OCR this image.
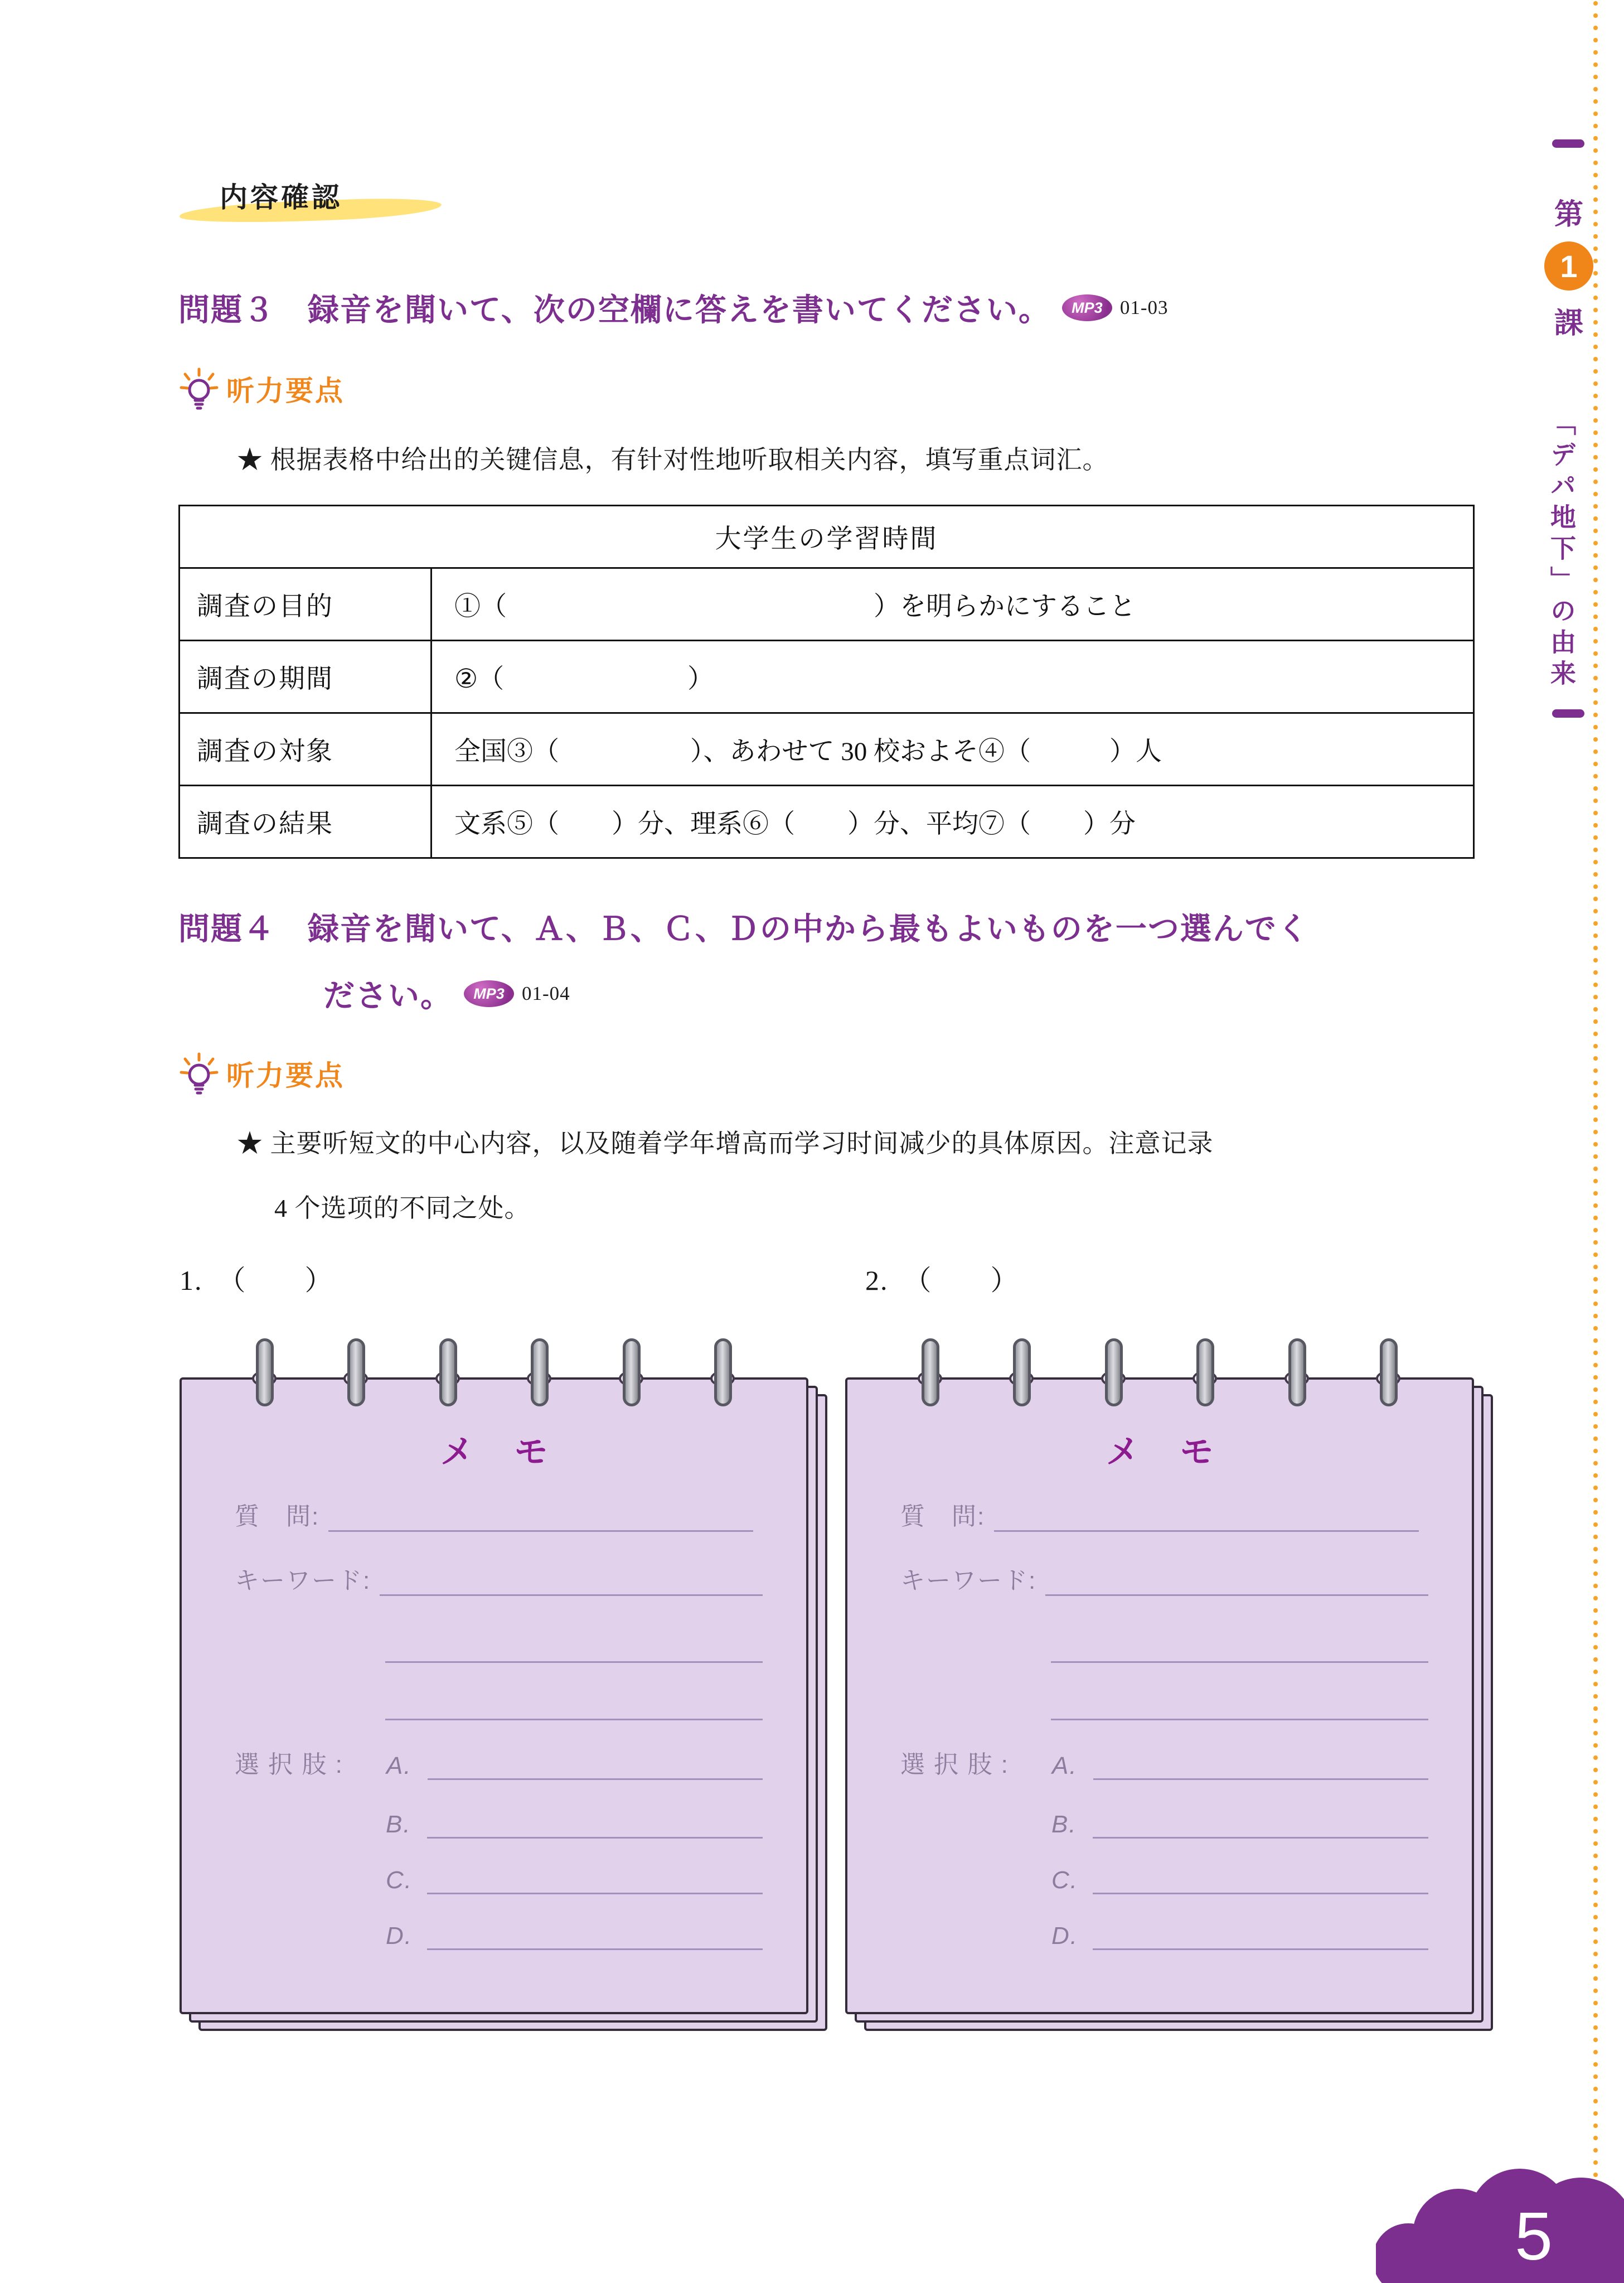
内容確認
問題３　録音を聞いて、次の空欄に答えを書いてください。	MP3 01-03
听力要点
★ 根据表格中给出的关键信息，有针对性地听取相关内容，填写重点词汇。
大学生の学習時間	
調査の目的	①（　　　　　　　　　　　　　　）を明らかにすること
調査の期間	②（　　　　　　　）
調査の対象	全国③（　　　　　）、あわせて 30 校およそ④（　　　）人
調査の結果	文系⑤（　　）分、理系⑥（　　）分、平均⑦（　　）分
問題４　録音を聞いて、Ａ、Ｂ、Ｃ、Ｄの中から最もよいものを一つ選んでく
ださい。	MP3 01-04
听力要点
★ 主要听短文的中心内容，以及随着学年增高而学习时间减少的具体原因。注意记录
4 个选项的不同之处。
1.　（　　）	2.　（　　）
メ モ
質　問:
キーワード:
選 択 肢 :	A.
B.
C.
D.
メ モ
質　問:
キーワード:
選 択 肢 :	A.
B.
C.
D.
第
1
課
「デパ地下」の由来
5
